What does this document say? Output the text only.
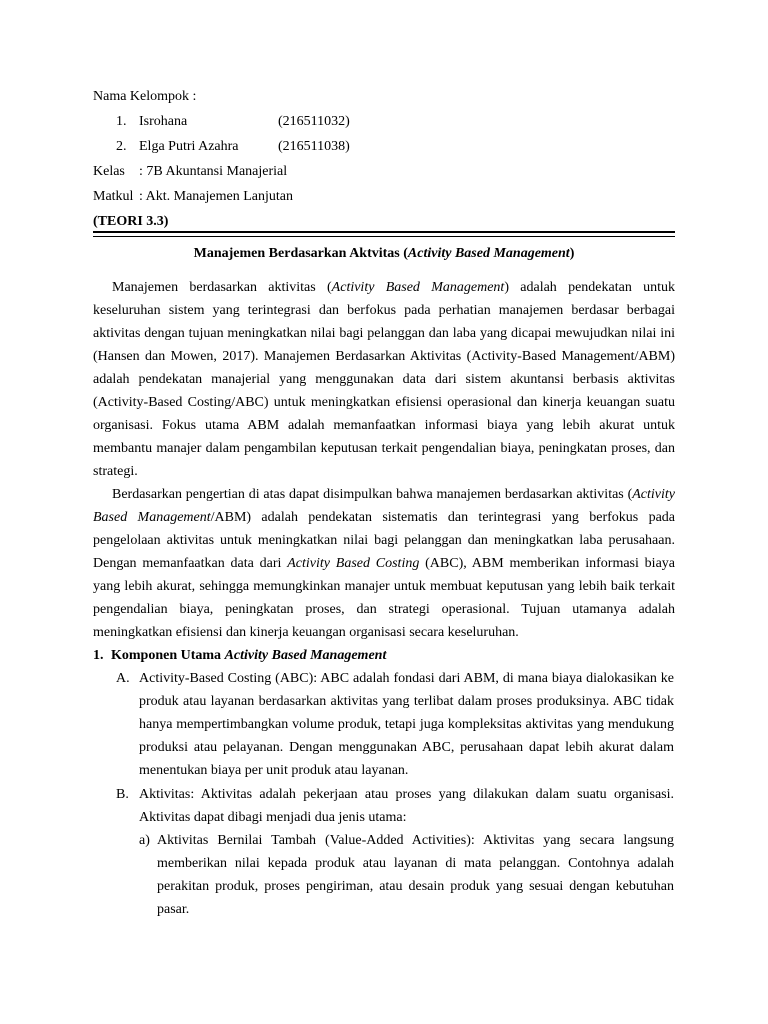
Nama Kelompok :
1. Isrohana	(216511032)
2. Elga Putri Azahra	(216511038)
Kelas : 7B Akuntansi Manajerial
Matkul : Akt. Manajemen Lanjutan
(TEORI 3.3)
Manajemen Berdasarkan Aktvitas (Activity Based Management)

Manajemen berdasarkan aktivitas (Activity Based Management) adalah pendekatan untuk keseluruhan sistem yang terintegrasi dan berfokus pada perhatian manajemen berdasar berbagai aktivitas dengan tujuan meningkatkan nilai bagi pelanggan dan laba yang dicapai mewujudkan nilai ini (Hansen dan Mowen, 2017). Manajemen Berdasarkan Aktivitas (Activity-Based Management/ABM) adalah pendekatan manajerial yang menggunakan data dari sistem akuntansi berbasis aktivitas (Activity-Based Costing/ABC) untuk meningkatkan efisiensi operasional dan kinerja keuangan suatu organisasi. Fokus utama ABM adalah memanfaatkan informasi biaya yang lebih akurat untuk membantu manajer dalam pengambilan keputusan terkait pengendalian biaya, peningkatan proses, dan strategi.

Berdasarkan pengertian di atas dapat disimpulkan bahwa manajemen berdasarkan aktivitas (Activity Based Management/ABM) adalah pendekatan sistematis dan terintegrasi yang berfokus pada pengelolaan aktivitas untuk meningkatkan nilai bagi pelanggan dan meningkatkan laba perusahaan. Dengan memanfaatkan data dari Activity Based Costing (ABC), ABM memberikan informasi biaya yang lebih akurat, sehingga memungkinkan manajer untuk membuat keputusan yang lebih baik terkait pengendalian biaya, peningkatan proses, dan strategi operasional. Tujuan utamanya adalah meningkatkan efisiensi dan kinerja keuangan organisasi secara keseluruhan.

1. Komponen Utama Activity Based Management
A. Activity-Based Costing (ABC): ABC adalah fondasi dari ABM, di mana biaya dialokasikan ke produk atau layanan berdasarkan aktivitas yang terlibat dalam proses produksinya. ABC tidak hanya mempertimbangkan volume produk, tetapi juga kompleksitas aktivitas yang mendukung produksi atau pelayanan. Dengan menggunakan ABC, perusahaan dapat lebih akurat dalam menentukan biaya per unit produk atau layanan.

B. Aktivitas: Aktivitas adalah pekerjaan atau proses yang dilakukan dalam suatu organisasi. Aktivitas dapat dibagi menjadi dua jenis utama:

a) Aktivitas Bernilai Tambah (Value-Added Activities): Aktivitas yang secara langsung memberikan nilai kepada produk atau layanan di mata pelanggan. Contohnya adalah perakitan produk, proses pengiriman, atau desain produk yang sesuai dengan kebutuhan pasar.
